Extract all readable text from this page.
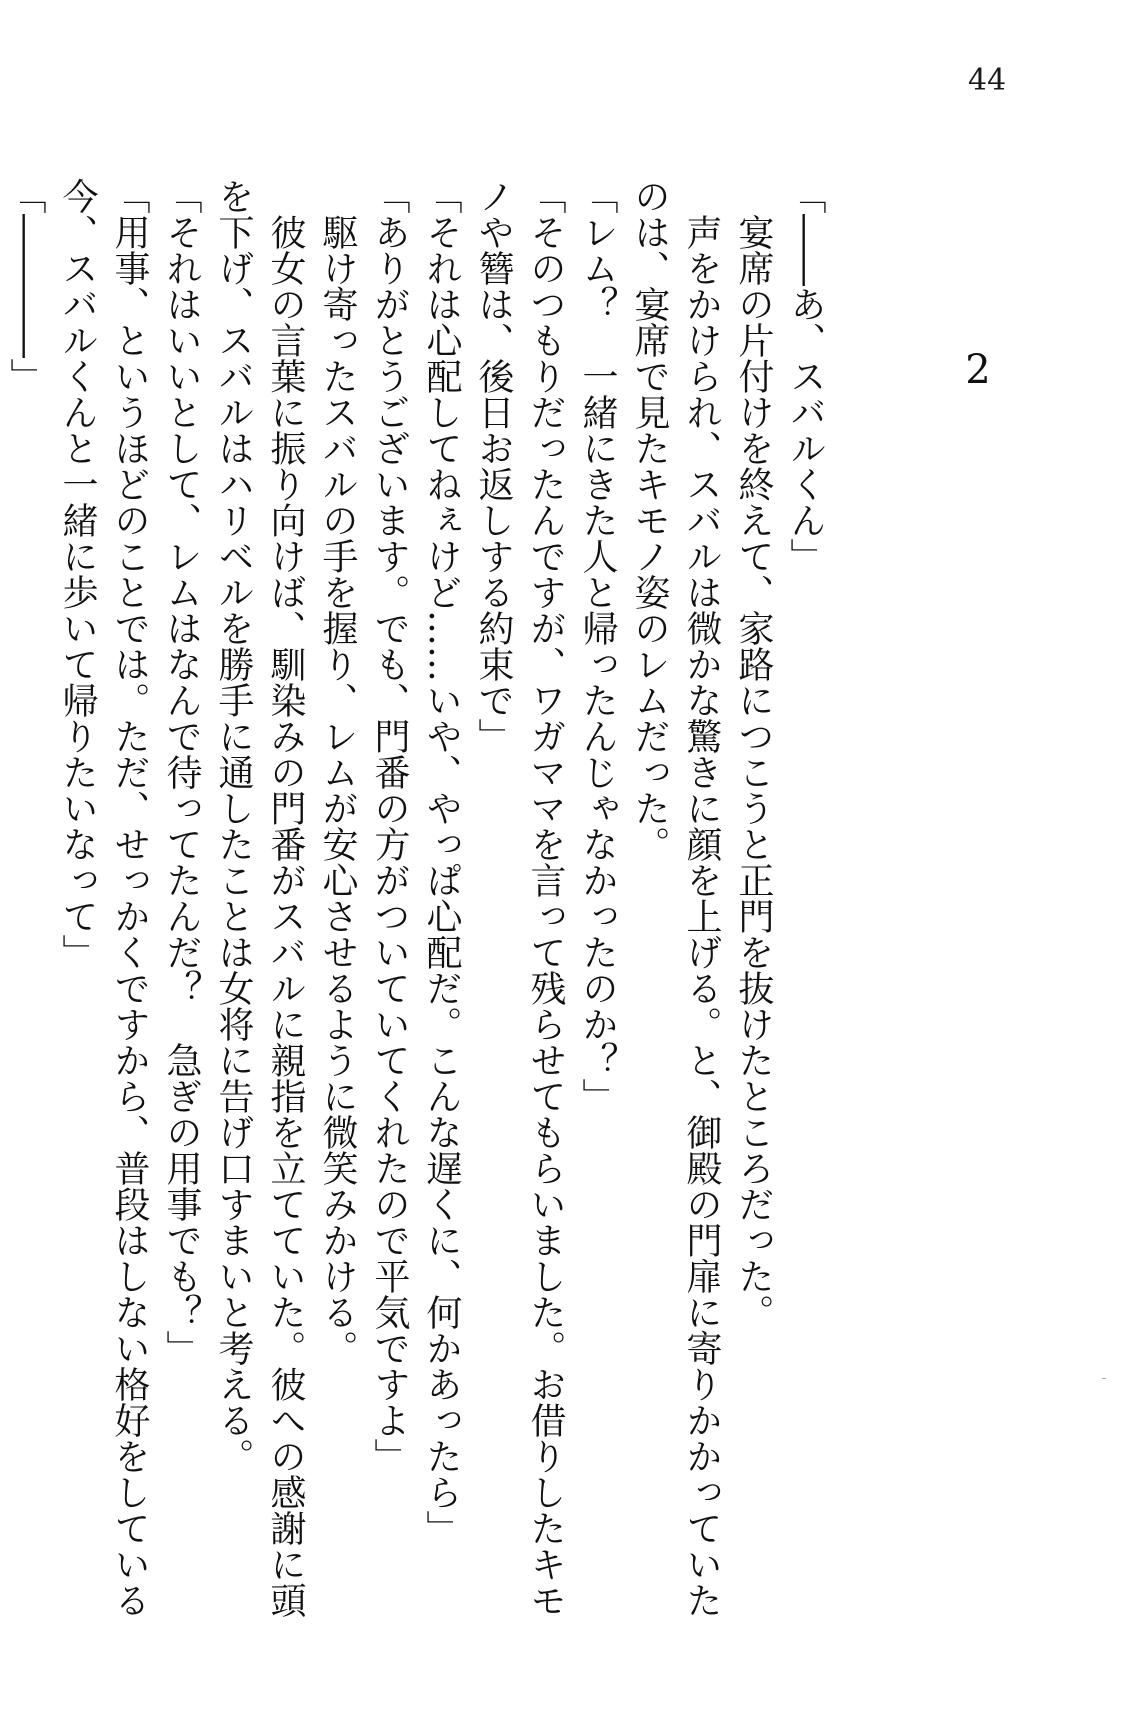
44
2
「――あ、スバルくん」
　宴席の片付けを終えて、家路につこうと正門を抜けたところだった。
　声をかけられ、スバルは微かな驚きに顔を上げる。と、御殿の門扉に寄りかかっていた
のは、宴席で見たキモノ姿のレムだった。
「レム？　一緒にきた人と帰ったんじゃなかったのか？」
「そのつもりだったんですが、ワガママを言って残らせてもらいました。お借りしたキモ
ノや簪は、後日お返しする約束で」
「それは心配してねぇけど……いや、やっぱ心配だ。こんな遅くに、何かあったら」
「ありがとうございます。でも、門番の方がついていてくれたので平気ですよ」
　駆け寄ったスバルの手を握り、レムが安心させるように微笑みかける。
　彼女の言葉に振り向けば、馴染みの門番がスバルに親指を立てていた。彼への感謝に頭
を下げ、スバルはハリベルを勝手に通したことは女将に告げ口すまいと考える。
「それはいいとして、レムはなんで待ってたんだ？　急ぎの用事でも？」
「用事、というほどのことでは。ただ、せっかくですから、普段はしない格好をしている
今、スバルくんと一緒に歩いて帰りたいなって」
「――――」
